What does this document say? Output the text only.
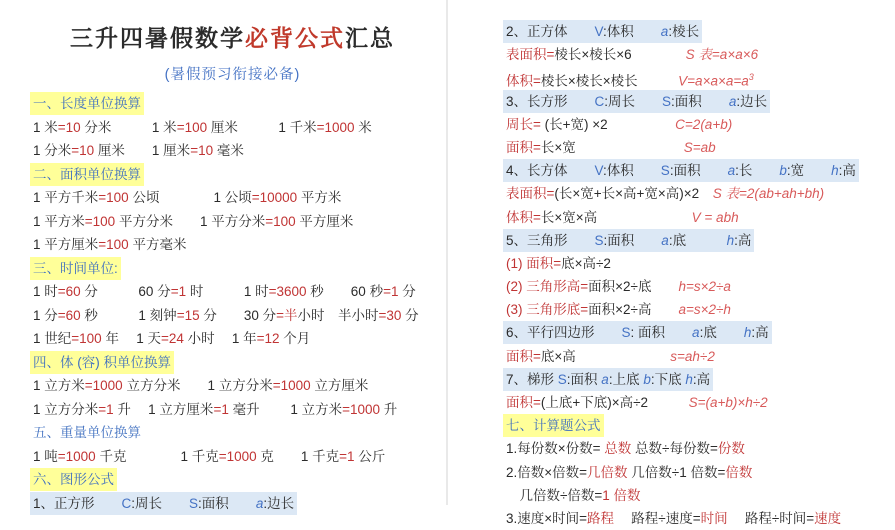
三升四暑假数学必背公式汇总
(暑假预习衔接必备)
一、长度单位换算
1 米=10 分米　　　1 米=100 厘米　　　1 千米=1000 米
1 分米=10 厘米　　1 厘米=10 毫米
二、面积单位换算
1 平方千米=100 公顷　　　　1 公顷=10000 平方米
1 平方米=100 平方分米　　1 平方分米=100 平方厘米
1 平方厘米=100 平方毫米
三、时间单位:
1 时=60 分　　　60 分=1 时　　　1 时=3600 秒　　60 秒=1 分
1 分=60 秒　　　1 刻钟=15 分　　30 分=半小时　半小时=30 分
1 世纪=100 年　 1 天=24 小时　 1 年=12 个月
四、体 (容) 积单位换算
1 立方米=1000 立方分米　　1 立方分米=1000 立方厘米
1 立方分米=1 升　 1 立方厘米=1 毫升　　 1 立方米=1000 升
五、重量单位换算
1 吨=1000 千克　　　　1 千克=1000 克　　1 千克=1 公斤
六、图形公式
1、正方形　　C:周长　　S:面积　　a:边长
2、正方体　　V:体积　　a:棱长
表面积=棱长×棱长×6　　　　	S 表=a×a×6
体积=棱长×棱长×棱长　　　	$V=a\times a\times a=a^3$
3、长方形　　C:周长　　S:面积　　a:边长
周长= (长+宽) ×2　　　　　	C=2(a+b)
面积=长×宽　　　　　　　　	S=ab
4、长方体　　V:体积　　S:面积　　a:长　　b:宽　　h:高
表面积=(长×宽+长×高+宽×高)×2　 S 表=2(ab+ah+bh)
体积=长×宽×高　　　　　　　	V = abh
5、三角形　　S:面积　　a:底　　　h:高
(1) 面积=底×高÷2
(2) 三角形高=面积×2÷底　　 h=s×2÷a
(3) 三角形底=面积×2÷高　　 a=s×2÷h
6、平行四边形　　S: 面积　　a:底　　h:高
面积=底×高　　　　　　　	s=ah÷2
7、梯形 S:面积 a:上底 b:下底 h:高
面积=(上底+下底)×高÷2　　　	S=(a+b)×h÷2
七、计算题公式
1.每份数×份数= 总数 总数÷每份数=份数
2.倍数×倍数=几倍数 几倍数÷1 倍数=倍数
　几倍数÷倍数=1 倍数
3.速度×时间=路程　 路程÷速度=时间　 路程÷时间=速度
